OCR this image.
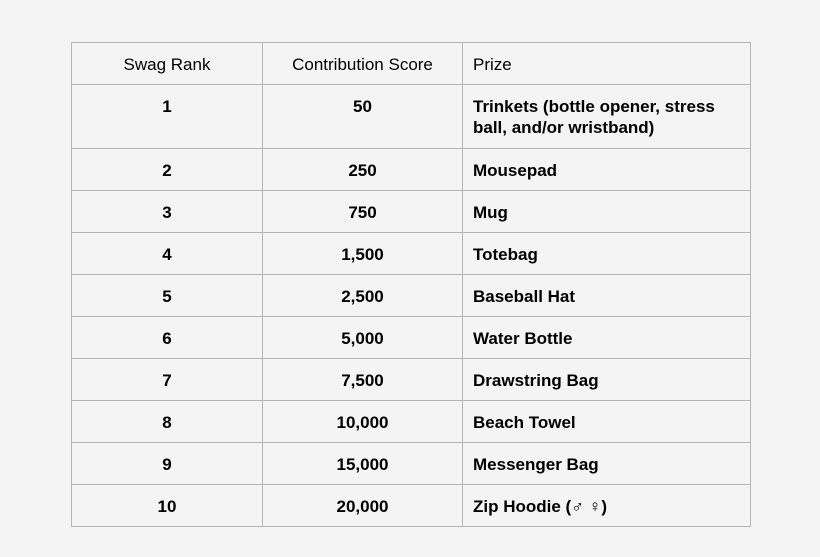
Swag Rank	Contribution Score	Prize
1	50	Trinkets (bottle opener, stress ball, and/or wristband)
2	250	Mousepad
3	750	Mug
4	1,500	Totebag
5	2,500	Baseball Hat
6	5,000	Water Bottle
7	7,500	Drawstring Bag
8	10,000	Beach Towel
9	15,000	Messenger Bag
10	20,000	Zip Hoodie (♂ ♀)
